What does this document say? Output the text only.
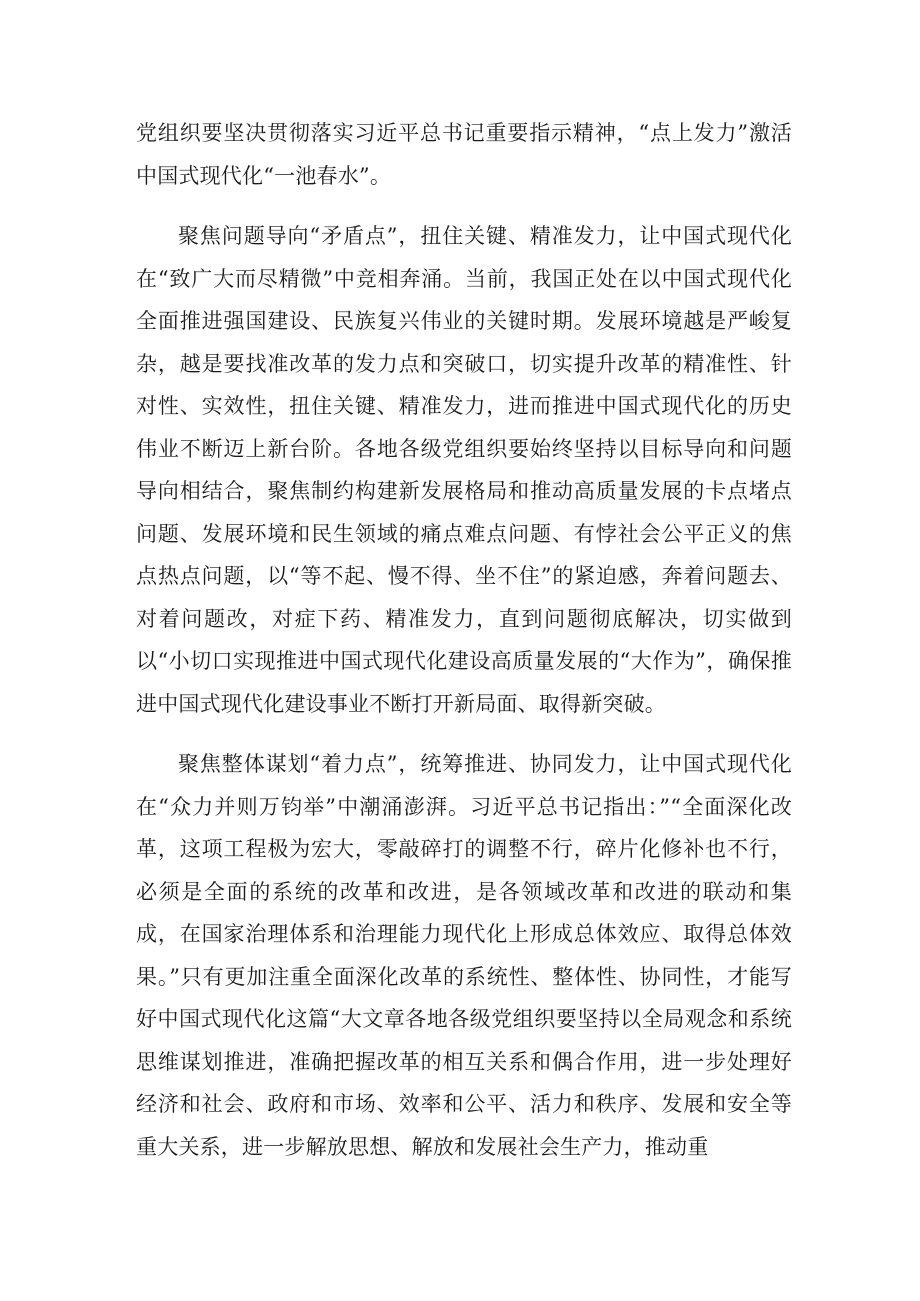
党组织要坚决贯彻落实习近平总书记重要指示精神，“点上发力”激活中国式现代化“一池春水”。

聚焦问题导向“矛盾点”，扭住关键、精准发力，让中国式现代化在“致广大而尽精微”中竞相奔涌。当前，我国正处在以中国式现代化全面推进强国建设、民族复兴伟业的关键时期。发展环境越是严峻复杂，越是要找准改革的发力点和突破口，切实提升改革的精准性、针对性、实效性，扭住关键、精准发力，进而推进中国式现代化的历史伟业不断迈上新台阶。各地各级党组织要始终坚持以目标导向和问题导向相结合，聚焦制约构建新发展格局和推动高质量发展的卡点堵点问题、发展环境和民生领域的痛点难点问题、有悖社会公平正义的焦点热点问题，以“等不起、慢不得、坐不住”的紧迫感，奔着问题去、对着问题改，对症下药、精准发力，直到问题彻底解决，切实做到以“小切口实现推进中国式现代化建设高质量发展的“大作为”，确保推进中国式现代化建设事业不断打开新局面、取得新突破。

聚焦整体谋划“着力点”，统筹推进、协同发力，让中国式现代化在“众力并则万钧举”中潮涌澎湃。习近平总书记指出：”“全面深化改革，这项工程极为宏大，零敲碎打的调整不行，碎片化修补也不行，必须是全面的系统的改革和改进，是各领域改革和改进的联动和集成，在国家治理体系和治理能力现代化上形成总体效应、取得总体效果。”只有更加注重全面深化改革的系统性、整体性、协同性，才能写好中国式现代化这篇“大文章各地各级党组织要坚持以全局观念和系统思维谋划推进，准确把握改革的相互关系和偶合作用，进一步处理好经济和社会、政府和市场、效率和公平、活力和秩序、发展和安全等重大关系，进一步解放思想、解放和发展社会生产力，推动重
